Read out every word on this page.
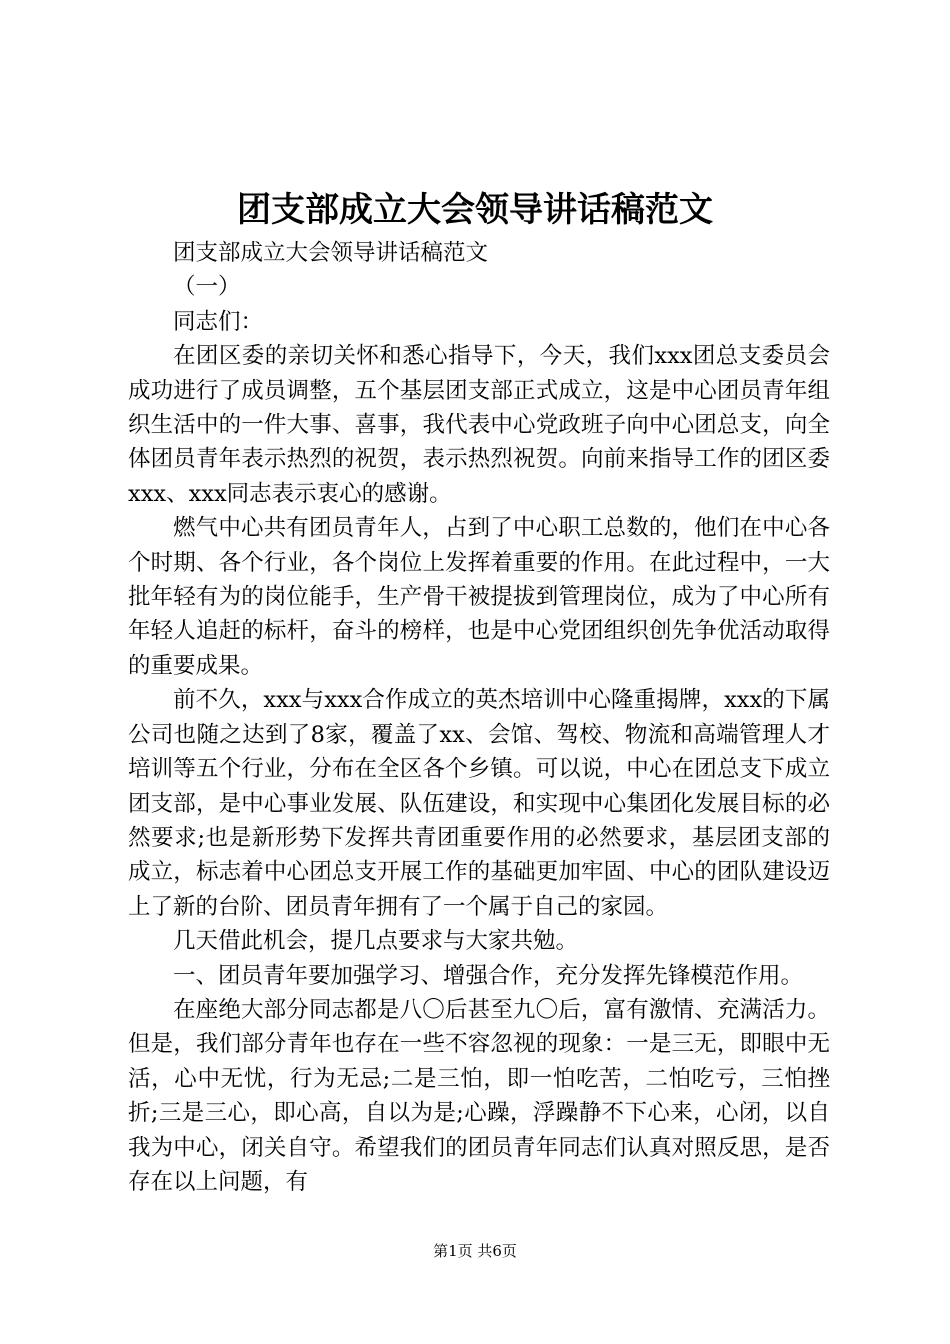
团支部成立大会领导讲话稿范文

团支部成立大会领导讲话稿范文

（一）

同志们：

在团区委的亲切关怀和悉心指导下，今天，我们xxx团总支委员会成功进行了成员调整，五个基层团支部正式成立，这是中心团员青年组织生活中的一件大事、喜事，我代表中心党政班子向中心团总支，向全体团员青年表示热烈的祝贺，表示热烈祝贺。向前来指导工作的团区委xxx、xxx同志表示衷心的感谢。

燃气中心共有团员青年人，占到了中心职工总数的，他们在中心各个时期、各个行业，各个岗位上发挥着重要的作用。在此过程中，一大批年轻有为的岗位能手，生产骨干被提拔到管理岗位，成为了中心所有年轻人追赶的标杆，奋斗的榜样，也是中心党团组织创先争优活动取得的重要成果。

前不久，xxx与xxx合作成立的英杰培训中心隆重揭牌，xxx的下属公司也随之达到了8家，覆盖了xx、会馆、驾校、物流和高端管理人才培训等五个行业，分布在全区各个乡镇。可以说，中心在团总支下成立团支部，是中心事业发展、队伍建设，和实现中心集团化发展目标的必然要求;也是新形势下发挥共青团重要作用的必然要求，基层团支部的成立，标志着中心团总支开展工作的基础更加牢固、中心的团队建设迈上了新的台阶、团员青年拥有了一个属于自己的家园。

几天借此机会，提几点要求与大家共勉。

一、团员青年要加强学习、增强合作，充分发挥先锋模范作用。

在座绝大部分同志都是八〇后甚至九〇后，富有激情、充满活力。但是，我们部分青年也存在一些不容忽视的现象：一是三无，即眼中无活，心中无忧，行为无忌;二是三怕，即一怕吃苦，二怕吃亏，三怕挫折;三是三心，即心高，自以为是;心躁，浮躁静不下心来，心闭，以自我为中心，闭关自守。希望我们的团员青年同志们认真对照反思，是否存在以上问题，有

第1页 共6页
